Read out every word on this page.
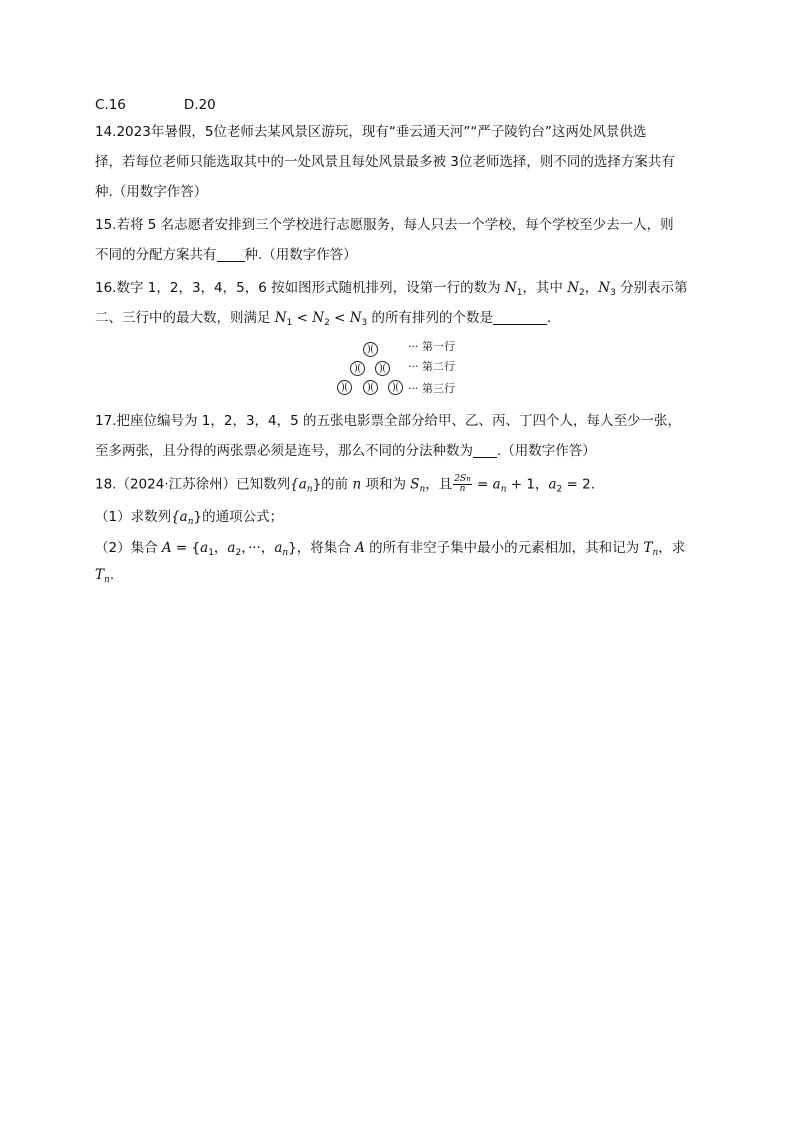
C.16	D.20
14.2023年暑假，5位老师去某风景区游玩，现有“垂云通天河”“严子陵钓台”这两处风景供选
择，若每位老师只能选取其中的一处风景且每处风景最多被 3位老师选择，则不同的选择方案共有
种.（用数字作答）
15.若将 5 名志愿者安排到三个学校进行志愿服务，每人只去一个学校，每个学校至少去一人，则
不同的分配方案共有 种.（用数字作答）
16.数字 1，2，3，4，5，6 按如图形式随机排列，设第一行的数为 $N_1$，其中 $N_2$，$N_3$ 分别表示第
二、三行中的最大数，则满足 $N_1 < N_2 < N_3$ 的所有排列的个数是	.
··· 第一行
··· 第二行
··· 第三行
17.把座位编号为 1，2，3，4，5 的五张电影票全部分给甲、乙、丙、丁四个人，每人至少一张，
至多两张，且分得的两张票必须是连号，那么不同的分法种数为 .（用数字作答）
18.（2024·江苏徐州）已知数列$\{a_n\}$的前 n 项和为 $S_n$，且 $\frac{2Sn}{n} = a_n + 1$，$a_2 = 2$.
（1）求数列$\{a_n\}$的通项公式；
（2）集合 $A = \{a_1$，$a_2$，···，$a_n$}，将集合 A 的所有非空子集中最小的元素相加，其和记为 $T_n$，求
$T_n$.
